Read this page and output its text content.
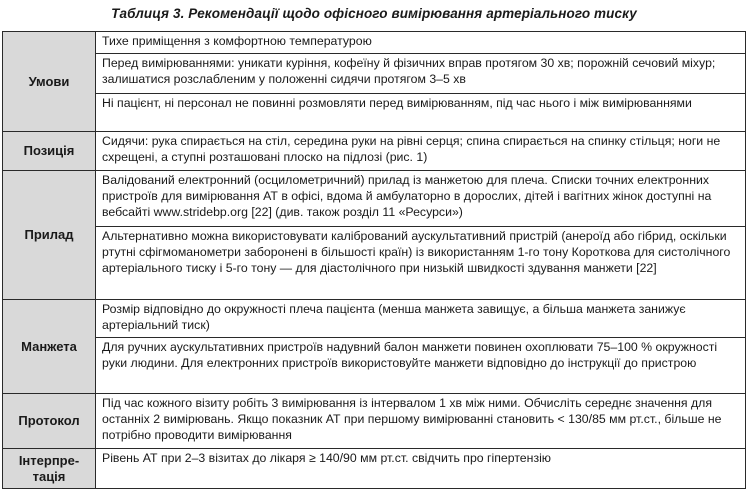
Таблиця 3. Рекомендації щодо офісного вимірювання артеріального тиску
Умови	Тихе приміщення з комфортною температурою
	Перед вимірюваннями: уникати куріння, кофеїну й фізичних вправ протягом 30 хв; порожній сечовий міхур; залишатися розслабленим у положенні сидячи протягом 3–5 хв
	Ні пацієнт, ні персонал не повинні розмовляти перед вимірюванням, під час нього і між вимірюваннями
Позиція	Сидячи: рука спирається на стіл, середина руки на рівні серця; спина спирається на спинку стільця; ноги не схрещені, а ступні розташовані плоско на підлозі (рис. 1)
Прилад	Валідований електронний (осцилометричний) прилад із манжетою для плеча. Списки точних електронних пристроїв для вимірювання АТ в офісі, вдома й амбулаторно в дорослих, дітей і вагітних жінок доступні на вебсайті www.stridebp.org [22] (див. також розділ 11 «Ресурси»)
	Альтернативно можна використовувати калібрований аускультативний пристрій (анероїд або гібрид, оскільки ртутні сфігмоманометри заборонені в більшості країн) із використанням 1-го тону Короткова для систолічного артеріального тиску і 5-го тону — для діастолічного при низькій швидкості здування манжети [22]
Манжета	Розмір відповідно до окружності плеча пацієнта (менша манжета завищує, а більша манжета занижує артеріальний тиск)
	Для ручних аускультативних пристроїв надувний балон манжети повинен охоплювати 75–100 % окружності руки людини. Для електронних пристроїв використовуйте манжети відповідно до інструкції до пристрою
Протокол	Під час кожного візиту робіть 3 вимірювання із інтервалом 1 хв між ними. Обчисліть середнє значення для останніх 2 вимірювань. Якщо показник АТ при першому вимірюванні становить < 130/85 мм рт.ст., більше не потрібно проводити вимірювання
Інтерпретація	Рівень АТ при 2–3 візитах до лікаря ≥ 140/90 мм рт.ст. свідчить про гіпертензію
